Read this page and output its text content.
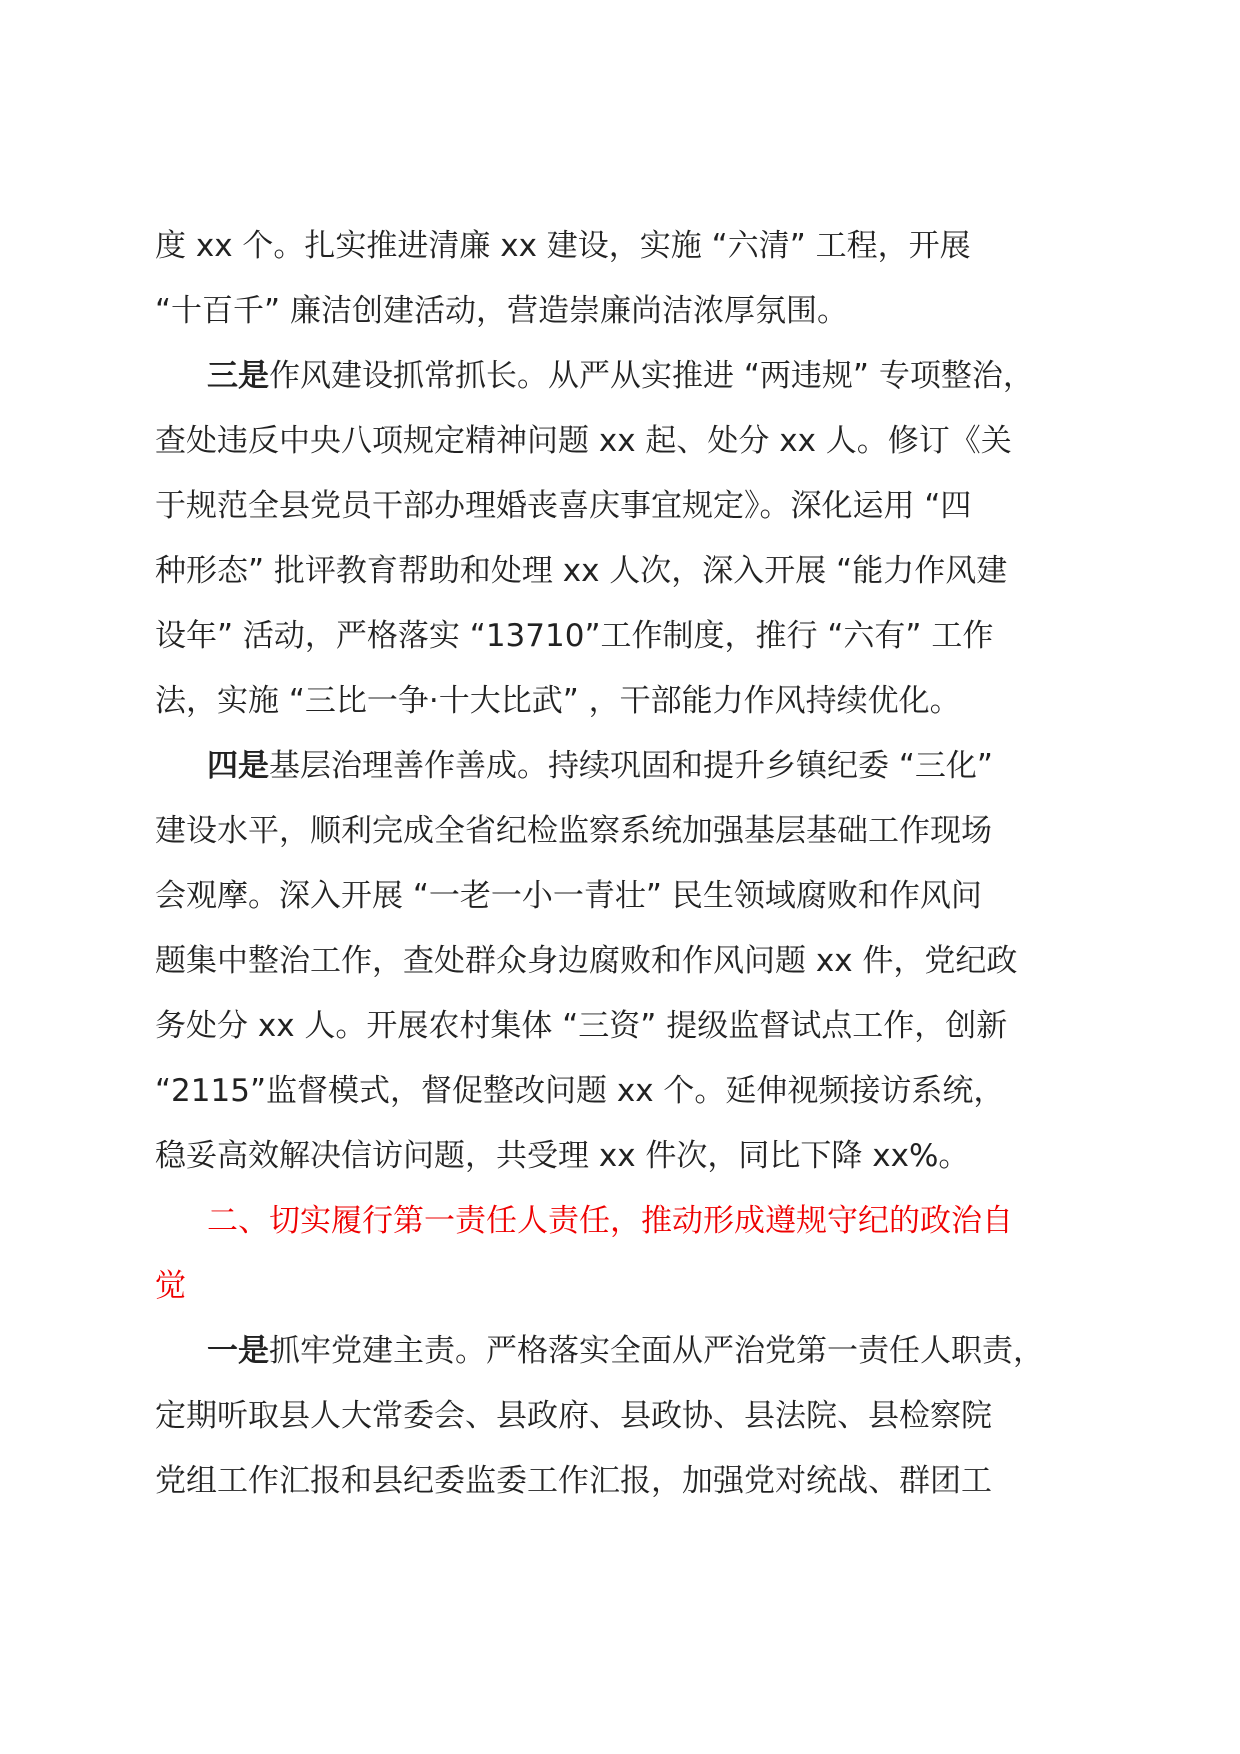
度 xx 个。扎实推进清廉 xx 建设，实施 “六清” 工程，开展
“十百千” 廉洁创建活动，营造崇廉尚洁浓厚氛围。
三是作风建设抓常抓长。从严从实推进 “两违规” 专项整治，
查处违反中央八项规定精神问题 xx 起、处分 xx 人。修订《关
于规范全县党员干部办理婚丧喜庆事宜规定》。深化运用 “四
种形态” 批评教育帮助和处理 xx 人次，深入开展 “能力作风建
设年” 活动，严格落实 “13710”工作制度，推行 “六有” 工作
法，实施 “三比一争·十大比武” ，干部能力作风持续优化。
四是基层治理善作善成。持续巩固和提升乡镇纪委 “三化”
建设水平，顺利完成全省纪检监察系统加强基层基础工作现场
会观摩。深入开展 “一老一小一青壮” 民生领域腐败和作风问
题集中整治工作，查处群众身边腐败和作风问题 xx 件，党纪政
务处分 xx 人。开展农村集体 “三资” 提级监督试点工作，创新
“2115”监督模式，督促整改问题 xx 个。延伸视频接访系统，
稳妥高效解决信访问题，共受理 xx 件次，同比下降 xx%。
二、切实履行第一责任人责任，推动形成遵规守纪的政治自
觉
一是抓牢党建主责。严格落实全面从严治党第一责任人职责，
定期听取县人大常委会、县政府、县政协、县法院、县检察院
党组工作汇报和县纪委监委工作汇报，加强党对统战、群团工
